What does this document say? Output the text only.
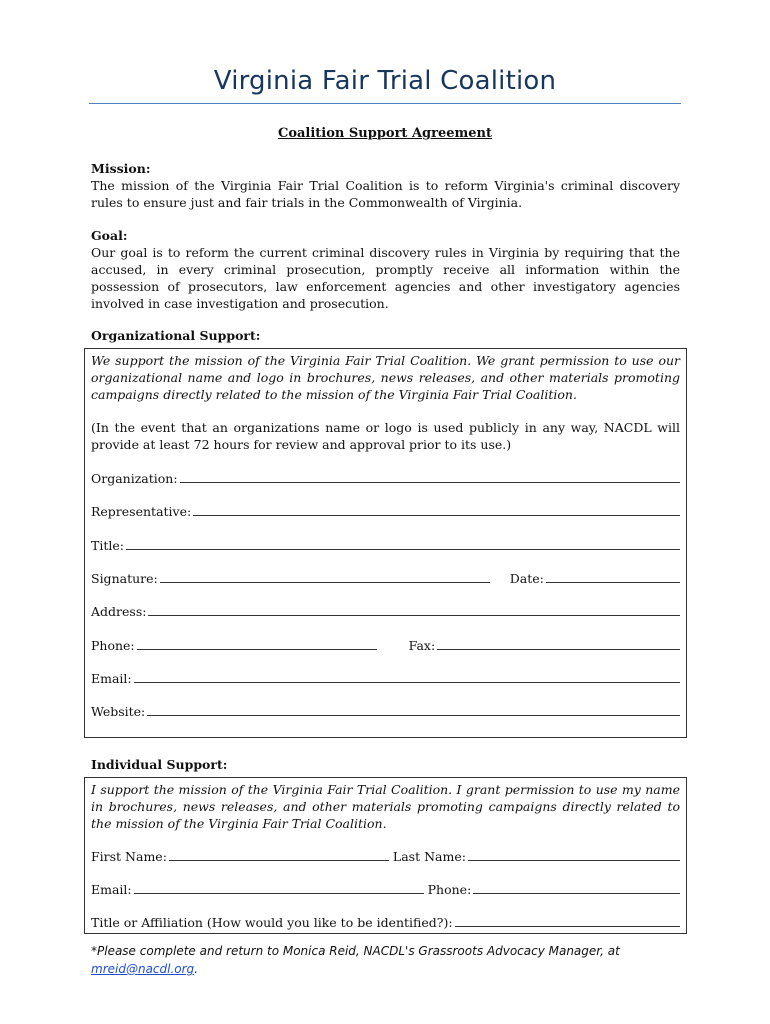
Virginia Fair Trial Coalition
Coalition Support Agreement
Mission:
The mission of the Virginia Fair Trial Coalition is to reform Virginia's criminal discovery rules to ensure just and fair trials in the Commonwealth of Virginia.
Goal:
Our goal is to reform the current criminal discovery rules in Virginia by requiring that the accused, in every criminal prosecution, promptly receive all information within the possession of prosecutors, law enforcement agencies and other investigatory agencies involved in case investigation and prosecution.
Organizational Support:
We support the mission of the Virginia Fair Trial Coalition. We grant permission to use our organizational name and logo in brochures, news releases, and other materials promoting campaigns directly related to the mission of the Virginia Fair Trial Coalition.
(In the event that an organizations name or logo is used publicly in any way, NACDL will provide at least 72 hours for review and approval prior to its use.)
Organization:
Representative:
Title:
Signature:	Date:
Address:
Phone:	Fax:
Email:
Website:
Individual Support:
I support the mission of the Virginia Fair Trial Coalition. I grant permission to use my name in brochures, news releases, and other materials promoting campaigns directly related to the mission of the Virginia Fair Trial Coalition.
First Name:	Last Name:
Email:	Phone:
Title or Affiliation (How would you like to be identified?):
*Please complete and return to Monica Reid, NACDL's Grassroots Advocacy Manager, at
mreid@nacdl.org.
